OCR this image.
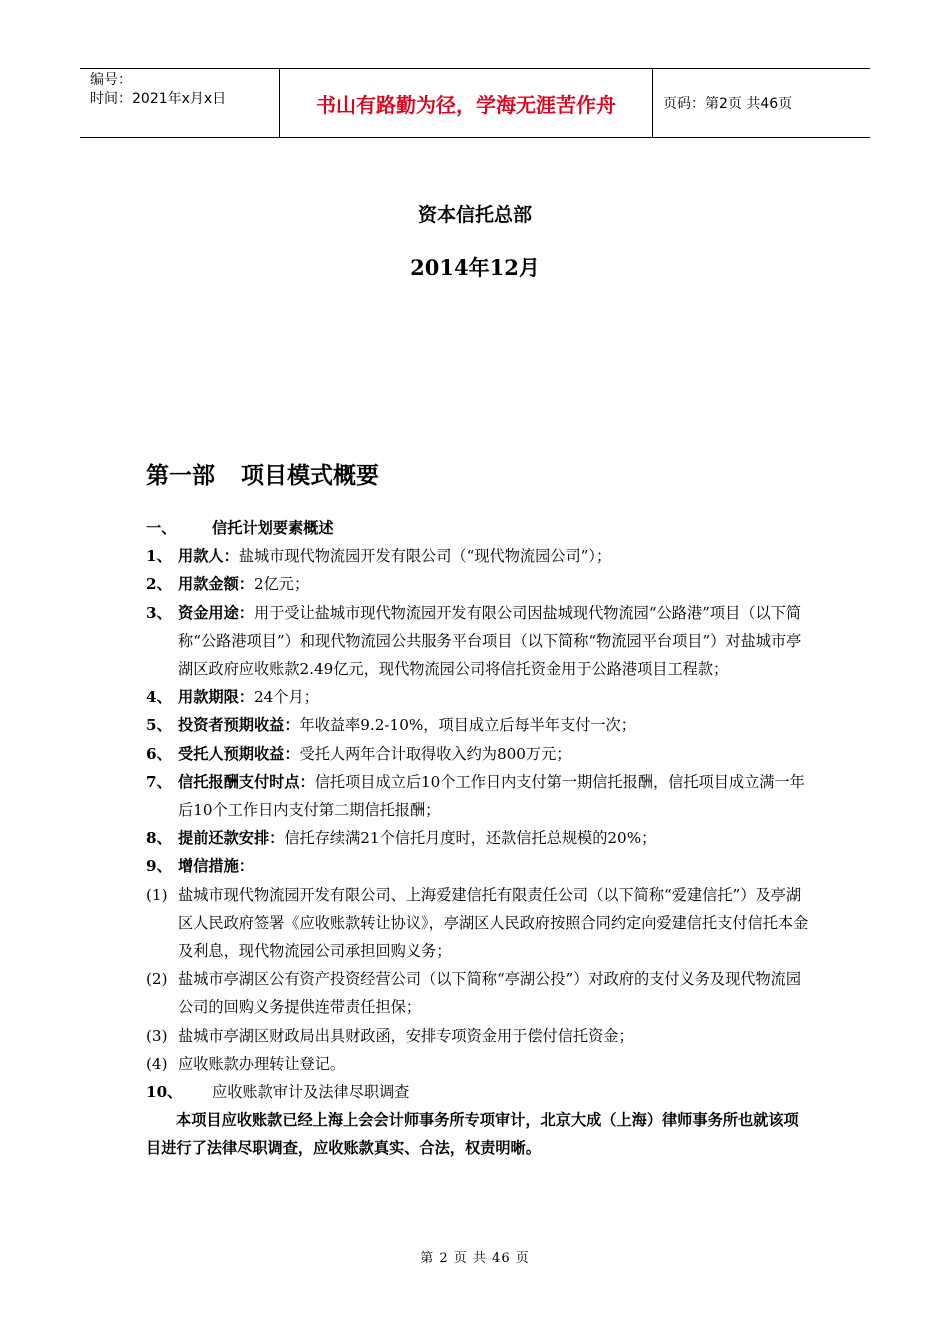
编号：
时间：2021年x月x日	书山有路勤为径，学海无涯苦作舟	页码：第2页 共46页
资本信托总部
2014年12月
第一部 项目模式概要
一、	信托计划要素概述
1、 用款人：盐城市现代物流园开发有限公司（“现代物流园公司”）；
2、 用款金额：2亿元；
3、 资金用途：用于受让盐城市现代物流园开发有限公司因盐城现代物流园“公路港”项目（以下简称“公路港项目”）和现代物流园公共服务平台项目（以下简称“物流园平台项目”）对盐城市亭湖区政府应收账款2.49亿元，现代物流园公司将信托资金用于公路港项目工程款；
4、 用款期限：24个月；
5、 投资者预期收益：年收益率9.2-10%，项目成立后每半年支付一次；
6、 受托人预期收益：受托人两年合计取得收入约为800万元；
7、 信托报酬支付时点：信托项目成立后10个工作日内支付第一期信托报酬，信托项目成立满一年后10个工作日内支付第二期信托报酬；
8、 提前还款安排：信托存续满21个信托月度时，还款信托总规模的20%；
9、 增信措施：
(1) 盐城市现代物流园开发有限公司、上海爱建信托有限责任公司（以下简称“爱建信托”）及亭湖区人民政府签署《应收账款转让协议》，亭湖区人民政府按照合同约定向爱建信托支付信托本金及利息，现代物流园公司承担回购义务；
(2) 盐城市亭湖区公有资产投资经营公司（以下简称“亭湖公投”）对政府的支付义务及现代物流园公司的回购义务提供连带责任担保；
(3) 盐城市亭湖区财政局出具财政函，安排专项资金用于偿付信托资金；
(4) 应收账款办理转让登记。
10、	应收账款审计及法律尽职调查
本项目应收账款已经上海上会会计师事务所专项审计，北京大成（上海）律师事务所也就该项目进行了法律尽职调查，应收账款真实、合法，权责明晰。
第 2 页 共 46 页
